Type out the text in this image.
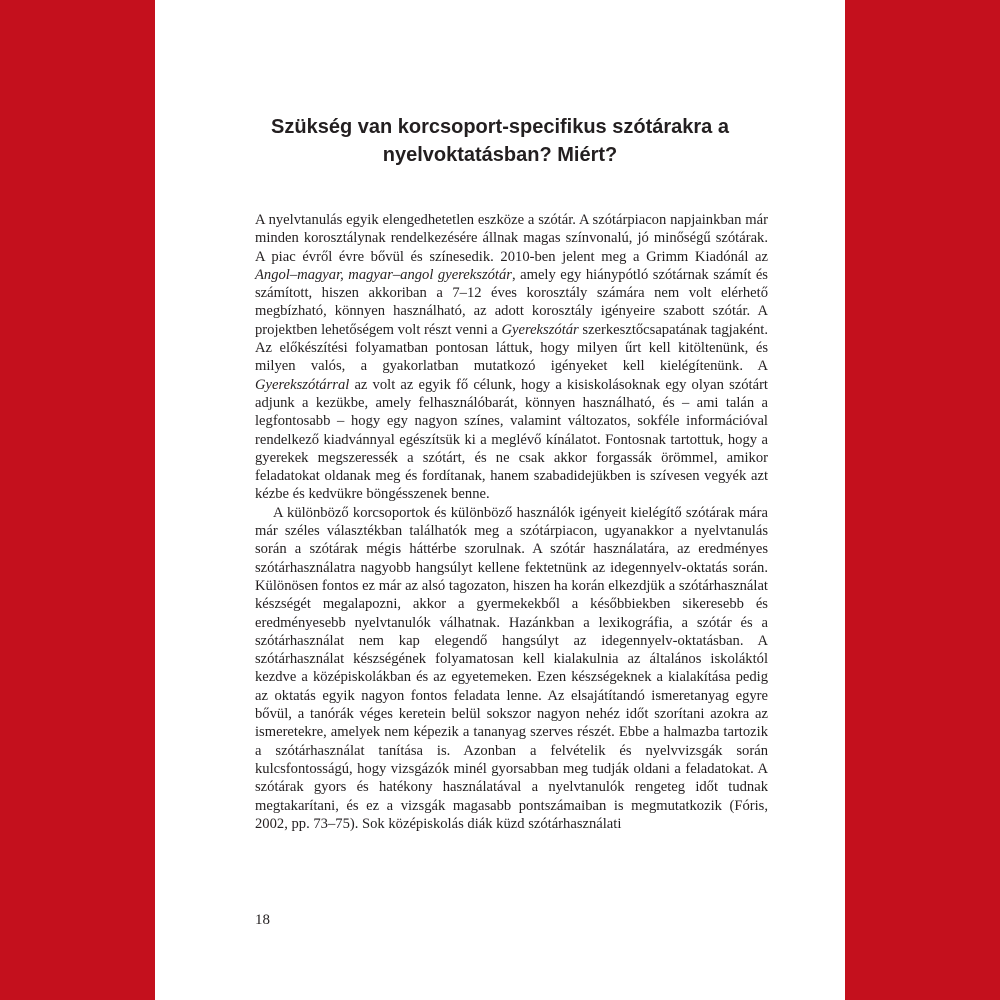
Szükség van korcsoport-specifikus szótárakra a
nyelvoktatásban? Miért?

A nyelvtanulás egyik elengedhetetlen eszköze a szótár. A szótárpiacon napjainkban már minden korosztálynak rendelkezésére állnak magas színvonalú, jó minőségű szótárak. A piac évről évre bővül és színesedik. 2010-ben jelent meg a Grimm Kiadónál az Angol–magyar, magyar–angol gyerekszótár, amely egy hiánypótló szótárnak számít és számított, hiszen akkoriban a 7–12 éves korosztály számára nem volt elérhető megbízható, könnyen használható, az adott korosztály igényeire szabott szótár. A projektben lehetőségem volt részt venni a Gyerekszótár szerkesztőcsapatának tagjaként. Az előkészítési folyamatban pontosan láttuk, hogy milyen űrt kell kitöltenünk, és milyen valós, a gyakorlatban mutatkozó igényeket kell kielégítenünk. A Gyerekszótárral az volt az egyik fő célunk, hogy a kisiskolásoknak egy olyan szótárt adjunk a kezükbe, amely felhasználóbarát, könnyen használható, és – ami talán a legfontosabb – hogy egy nagyon színes, valamint változatos, sokféle információval rendelkező kiadvánnyal egészítsük ki a meglévő kínálatot. Fontosnak tartottuk, hogy a gyerekek megszeressék a szótárt, és ne csak akkor forgassák örömmel, amikor feladatokat oldanak meg és fordítanak, hanem szabadidejükben is szívesen vegyék azt kézbe és kedvükre böngésszenek benne.

A különböző korcsoportok és különböző használók igényeit kielégítő szótárak mára már széles választékban találhatók meg a szótárpiacon, ugyanakkor a nyelvtanulás során a szótárak mégis háttérbe szorulnak. A szótár használatára, az eredményes szótárhasználatra nagyobb hangsúlyt kellene fektetnünk az idegennyelv-oktatás során. Különösen fontos ez már az alsó tagozaton, hiszen ha korán elkezdjük a szótárhasználat készségét megalapozni, akkor a gyermekekből a későbbiekben sikeresebb és eredményesebb nyelvtanulók válhatnak. Hazánkban a lexikográfia, a szótár és a szótárhasználat nem kap elegendő hangsúlyt az idegennyelv-oktatásban. A szótárhasználat készségének folyamatosan kell kialakulnia az általános iskoláktól kezdve a középiskolákban és az egyetemeken. Ezen készségeknek a kialakítása pedig az oktatás egyik nagyon fontos feladata lenne. Az elsajátítandó ismeretanyag egyre bővül, a tanórák véges keretein belül sokszor nagyon nehéz időt szorítani azokra az ismeretekre, amelyek nem képezik a tananyag szerves részét. Ebbe a halmazba tartozik a szótárhasználat tanítása is. Azonban a felvételik és nyelvvizsgák során kulcsfontosságú, hogy vizsgázók minél gyorsabban meg tudják oldani a feladatokat. A szótárak gyors és hatékony használatával a nyelvtanulók rengeteg időt tudnak megtakarítani, és ez a vizsgák magasabb pontszámaiban is megmutatkozik (Fóris, 2002, pp. 73–75). Sok középiskolás diák küzd szótárhasználati

18
